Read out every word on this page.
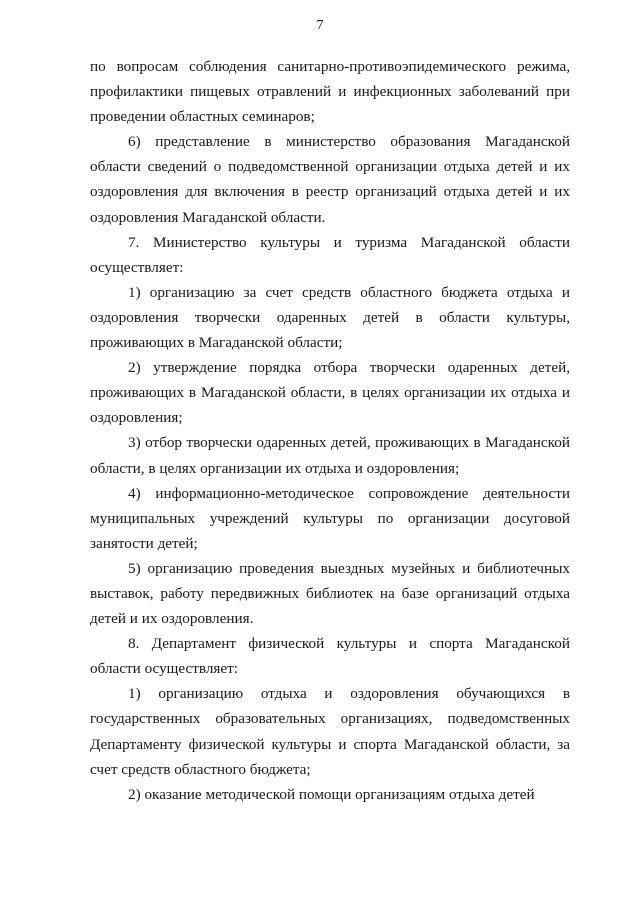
7

по вопросам соблюдения санитарно-противоэпидемического режима, профилактики пищевых отравлений и инфекционных заболеваний при проведении областных семинаров;

6) представление в министерство образования Магаданской области сведений о подведомственной организации отдыха детей и их оздоровления для включения в реестр организаций отдыха детей и их оздоровления Магаданской области.

7. Министерство культуры и туризма Магаданской области осуществляет:

1) организацию за счет средств областного бюджета отдыха и оздоровления творчески одаренных детей в области культуры, проживающих в Магаданской области;

2) утверждение порядка отбора творчески одаренных детей, проживающих в Магаданской области, в целях организации их отдыха и оздоровления;

3) отбор творчески одаренных детей, проживающих в Магаданской области, в целях организации их отдыха и оздоровления;

4) информационно-методическое сопровождение деятельности муниципальных учреждений культуры по организации досуговой занятости детей;

5) организацию проведения выездных музейных и библиотечных выставок, работу передвижных библиотек на базе организаций отдыха детей и их оздоровления.

8. Департамент физической культуры и спорта Магаданской области осуществляет:

1) организацию отдыха и оздоровления обучающихся в государственных образовательных организациях, подведомственных Департаменту физической культуры и спорта Магаданской области, за счет средств областного бюджета;

2) оказание методической помощи организациям отдыха детей
